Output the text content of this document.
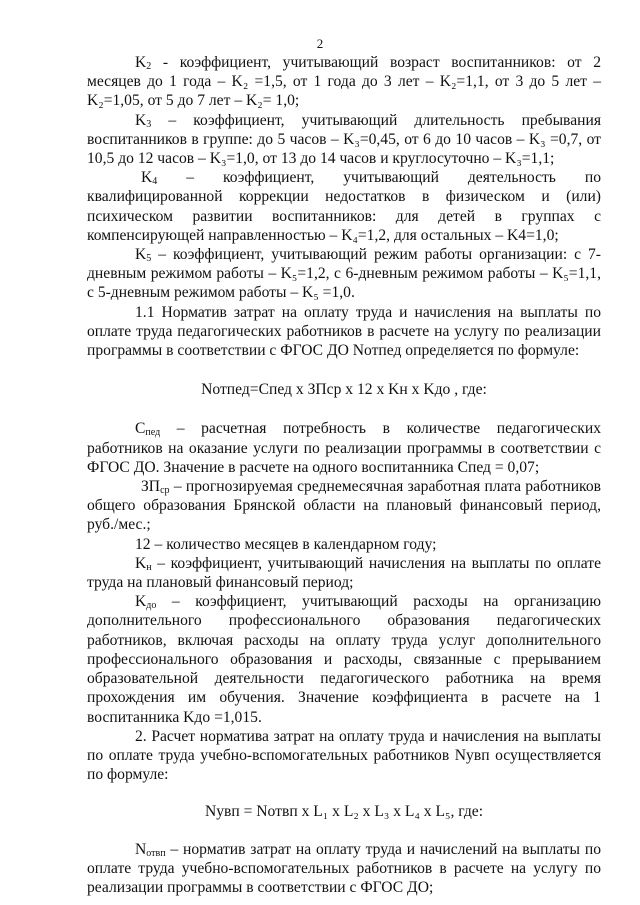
2

$K_2$ - коэффициент, учитывающий возраст воспитанников: от 2 месяцев до 1 года – K₂ =1,5, от 1 года до 3 лет – K₂=1,1, от 3 до 5 лет – K₂=1,05, от 5 до 7 лет – K₂= 1,0;

$K_3$ – коэффициент, учитывающий длительность пребывания воспитанников в группе: до 5 часов – K₃=0,45, от 6 до 10 часов – K₃ =0,7, от 10,5 до 12 часов – K₃=1,0, от 13 до 14 часов и круглосуточно – K₃=1,1;

$K_4$ – коэффициент, учитывающий деятельность по квалифицированной коррекции недостатков в физическом и (или) психическом развитии воспитанников: для детей в группах с компенсирующей направленностью – K₄=1,2, для остальных – K4=1,0;

$K_5$ – коэффициент, учитывающий режим работы организации: с 7-дневным режимом работы – K₅=1,2, с 6-дневным режимом работы – K₅=1,1, с 5-дневным режимом работы – K₅ =1,0.

1.1 Норматив затрат на оплату труда и начисления на выплаты по оплате труда педагогических работников в расчете на услугу по реализации программы в соответствии с ФГОС ДО Nотпед определяется по формуле:

Nотпед=Спед х ЗПср х 12 х Kн х Kдо , где:

$С_{пед}$ – расчетная потребность в количестве педагогических работников на оказание услуги по реализации программы в соответствии с ФГОС ДО. Значение в расчете на одного воспитанника Спед = 0,07;

$ЗП_{ср}$ – прогнозируемая среднемесячная заработная плата работников общего образования Брянской области на плановый финансовый период, руб./мес.;

12 – количество месяцев в календарном году;

$K_н$ – коэффициент, учитывающий начисления на выплаты по оплате труда на плановый финансовый период;

$K_{до}$ – коэффициент, учитывающий расходы на организацию дополнительного профессионального образования педагогических работников, включая расходы на оплату труда услуг дополнительного профессионального образования и расходы, связанные с прерыванием образовательной деятельности педагогического работника на время прохождения им обучения. Значение коэффициента в расчете на 1 воспитанника Kдо =1,015.

2. Расчет норматива затрат на оплату труда и начисления на выплаты по оплате труда учебно-вспомогательных работников Nувп осуществляется по формуле:

Nувп = Nотвп х L₁ х L₂ х L₃ х L₄ х L₅, где:

$N_{отвп}$ – норматив затрат на оплату труда и начислений на выплаты по оплате труда учебно-вспомогательных работников в расчете на услугу по реализации программы в соответствии с ФГОС ДО;
